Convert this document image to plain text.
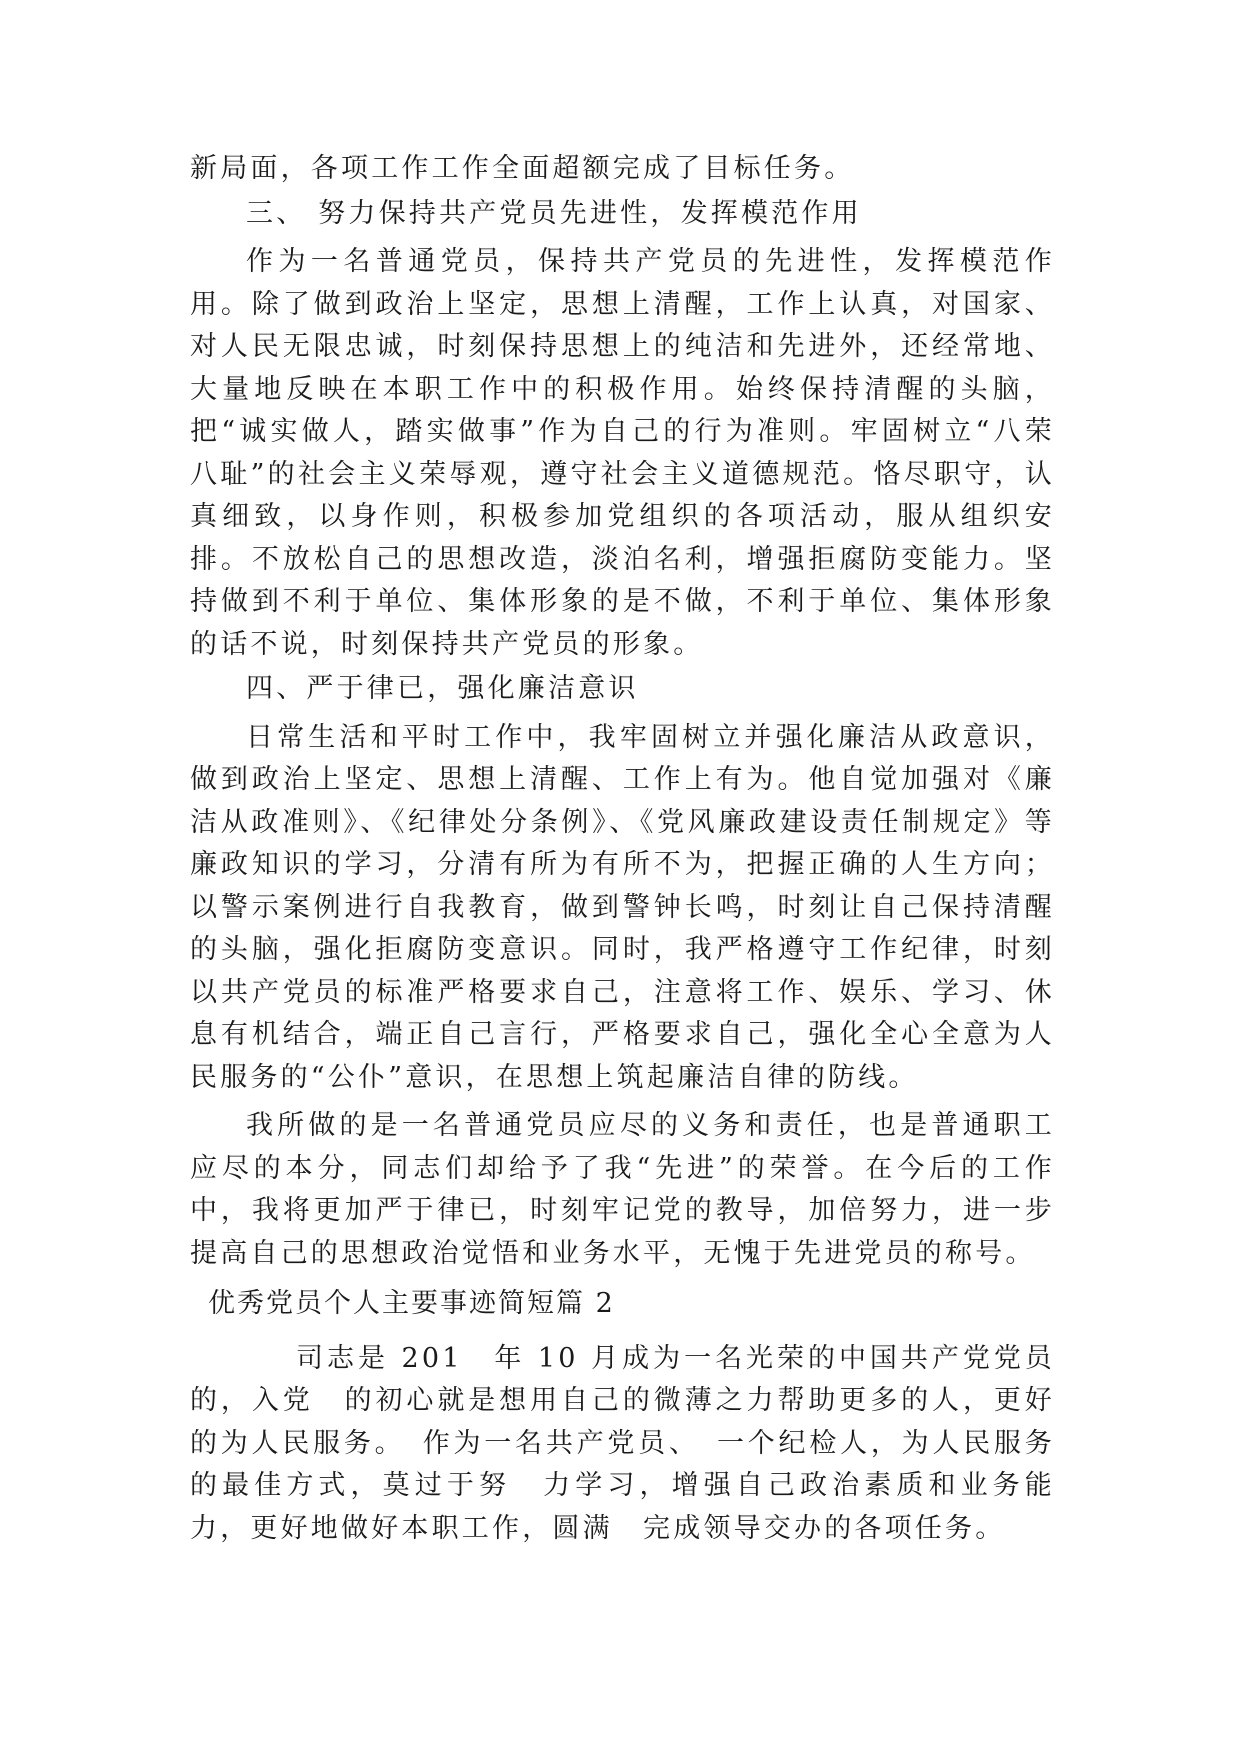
新局面，各项工作工作全面超额完成了目标任务。

三、 努力保持共产党员先进性，发挥模范作用

作为一名普通党员，保持共产党员的先进性，发挥模范作用。除了做到政治上坚定，思想上清醒，工作上认真，对国家、对人民无限忠诚，时刻保持思想上的纯洁和先进外，还经常地、大量地反映在本职工作中的积极作用。始终保持清醒的头脑，把“诚实做人，踏实做事”作为自己的行为准则。牢固树立“八荣八耻”的社会主义荣辱观，遵守社会主义道德规范。恪尽职守，认真细致，以身作则，积极参加党组织的各项活动，服从组织安排。不放松自己的思想改造，淡泊名利，增强拒腐防变能力。坚持做到不利于单位、集体形象的是不做，不利于单位、集体形象的话不说，时刻保持共产党员的形象。

四、严于律已，强化廉洁意识

日常生活和平时工作中，我牢固树立并强化廉洁从政意识，做到政治上坚定、思想上清醒、工作上有为。他自觉加强对《廉洁从政准则》、《纪律处分条例》、《党风廉政建设责任制规定》等廉政知识的学习，分清有所为有所不为，把握正确的人生方向；以警示案例进行自我教育，做到警钟长鸣，时刻让自己保持清醒的头脑，强化拒腐防变意识。同时，我严格遵守工作纪律，时刻以共产党员的标准严格要求自己，注意将工作、娱乐、学习、休息有机结合，端正自己言行，严格要求自己，强化全心全意为人民服务的“公仆”意识，在思想上筑起廉洁自律的防线。

我所做的是一名普通党员应尽的义务和责任，也是普通职工应尽的本分，同志们却给予了我“先进”的荣誉。在今后的工作中，我将更加严于律已，时刻牢记党的教导，加倍努力，进一步提高自己的思想政治觉悟和业务水平，无愧于先进党员的称号。

优秀党员个人主要事迹简短篇 2

司志是 201　年 10 月成为一名光荣的中国共产党党员的，入党　的初心就是想用自己的微薄之力帮助更多的人，更好的为人民服务。　作为一名共产党员、　一个纪检人，为人民服务的最佳方式，莫过于努　力学习，增强自己政治素质和业务能力，更好地做好本职工作，圆满　完成领导交办的各项任务。
